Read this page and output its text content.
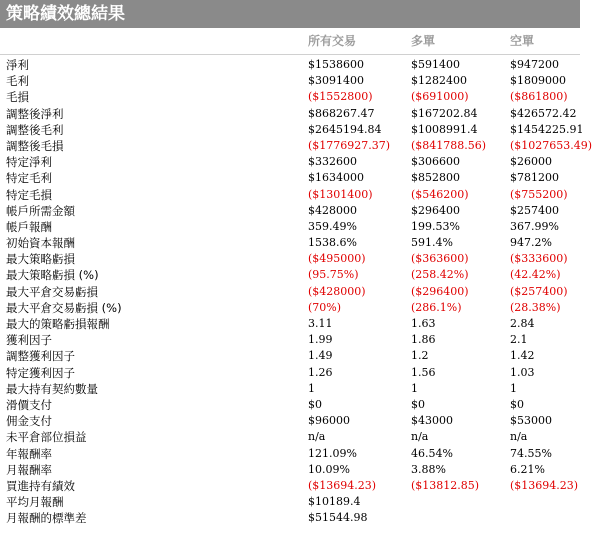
策略績效總結果
所有交易	多單	空單
淨利	$1538600	$591400	$947200
毛利	$3091400	$1282400	$1809000
毛損	($1552800)	($691000)	($861800)
調整後淨利	$868267.47	$167202.84	$426572.42
調整後毛利	$2645194.84	$1008991.4	$1454225.91
調整後毛損	($1776927.37) ($841788.56) ($1027653.49)
特定淨利	$332600	$306600	$26000
特定毛利	$1634000	$852800	$781200
特定毛損	($1301400)	($546200)	($755200)
帳戶所需金額	$428000	$296400	$257400
帳戶報酬	359.49%	199.53%	367.99%
初始資本報酬	1538.6%	591.4%	947.2%
最大策略虧損	($495000)	($363600)	($333600)
最大策略虧損 (%)	(95.75%)	(258.42%)	(42.42%)
最大平倉交易虧損	($428000)	($296400)	($257400)
最大平倉交易虧損 (%)	(70%)	(286.1%)	(28.38%)
最大的策略虧損報酬	3.11	1.63	2.84
獲利因子	1.99	1.86	2.1
調整獲利因子	1.49	1.2	1.42
特定獲利因子	1.26	1.56	1.03
最大持有契約數量	1	1	1
滑價支付	$0	$0	$0
佣金支付	$96000	$43000	$53000
未平倉部位損益	n/a	n/a	n/a
年報酬率	121.09%	46.54%	74.55%
月報酬率	10.09%	3.88%	6.21%
買進持有績效	($13694.23)	($13812.85)	($13694.23)
平均月報酬	$10189.4
月報酬的標準差	$51544.98
